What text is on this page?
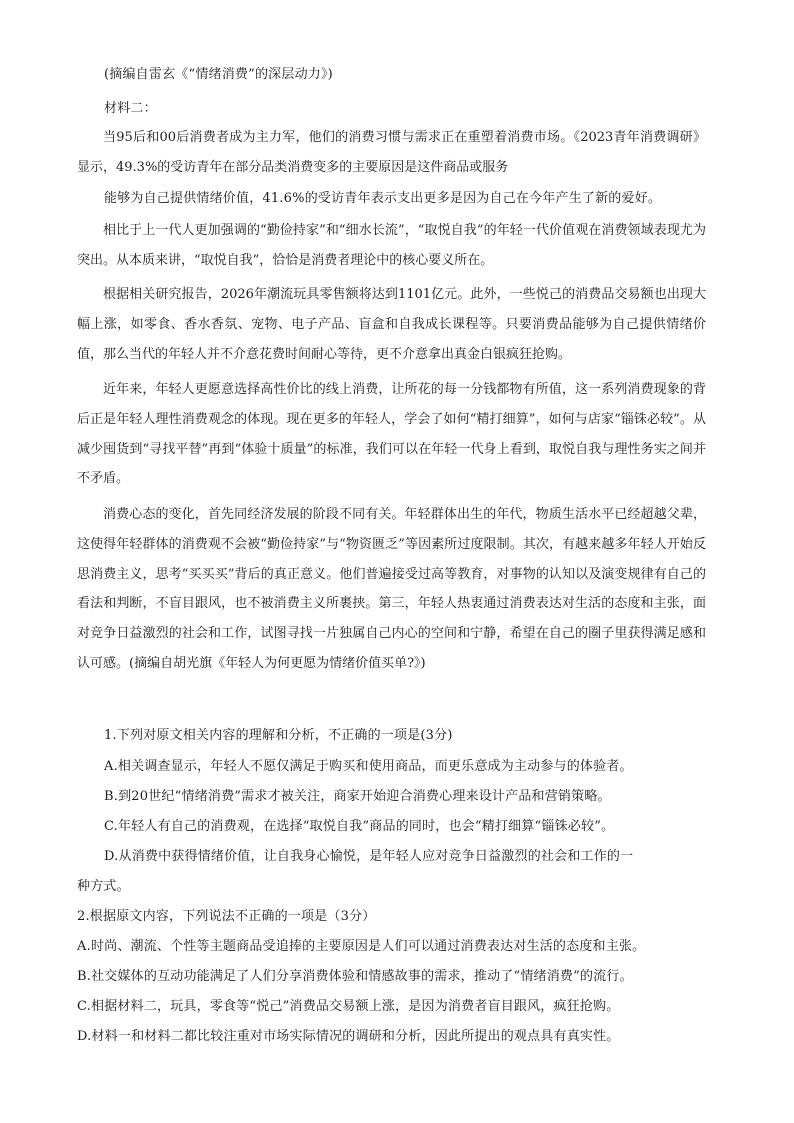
(摘编自雷玄《“情绪消费”的深层动力》)
材料二：
当95后和00后消费者成为主力军，他们的消费习惯与需求正在重塑着消费市场。《2023青年消费调研》显示，49.3%的受访青年在部分品类消费变多的主要原因是这件商品或服务
能够为自己提供情绪价值，41.6%的受访青年表示支出更多是因为自己在今年产生了新的爱好。
相比于上一代人更加强调的“勤俭持家”和“细水长流”，“取悦自我”的年轻一代价值观在消费领域表现尤为突出。从本质来讲，“取悦自我”，恰恰是消费者理论中的核心要义所在。
根据相关研究报告，2026年潮流玩具零售额将达到1101亿元。此外，一些悦己的消费品交易额也出现大幅上涨，如零食、香水香氛、宠物、电子产品、盲盒和自我成长课程等。只要消费品能够为自己提供情绪价值，那么当代的年轻人并不介意花费时间耐心等待，更不介意拿出真金白银疯狂抢购。
近年来，年轻人更愿意选择高性价比的线上消费，让所花的每一分钱都物有所值，这一系列消费现象的背后正是年轻人理性消费观念的体现。现在更多的年轻人，学会了如何“精打细算”，如何与店家“锱铢必较”。从减少囤货到“寻找平替”再到“体验十质量”的标准，我们可以在年轻一代身上看到，取悦自我与理性务实之间并不矛盾。
消费心态的变化，首先同经济发展的阶段不同有关。年轻群体出生的年代，物质生活水平已经超越父辈，这使得年轻群体的消费观不会被“勤俭持家”与“物资匮乏”等因素所过度限制。其次，有越来越多年轻人开始反思消费主义，思考“买买买”背后的真正意义。他们普遍接受过高等教育，对事物的认知以及演变规律有自己的看法和判断，不盲目跟风，也不被消费主义所裹挟。第三，年轻人热衷通过消费表达对生活的态度和主张，面对竞争日益激烈的社会和工作，试图寻找一片独属自己内心的空间和宁静，希望在自己的圈子里获得满足感和认可感。(摘编自胡光旗《年轻人为何更愿为情绪价值买单?》)
1.下列对原文相关内容的理解和分析，不正确的一项是(3分)
A.相关调查显示，年轻人不愿仅满足于购买和使用商品，而更乐意成为主动参与的体验者。
B.到20世纪“情绪消费”需求才被关注，商家开始迎合消费心理来设计产品和营销策略。
C.年轻人有自己的消费观，在选择“取悦自我”商品的同时，也会“精打细算“锱铢必较”。
D.从消费中获得情绪价值，让自我身心愉悦，是年轻人应对竞争日益激烈的社会和工作的一
种方式。
2.根据原文内容，下列说法不正确的一项是（3分）
A.时尚、潮流、个性等主题商品受追捧的主要原因是人们可以通过消费表达对生活的态度和主张。
B.社交媒体的互动功能满足了人们分享消费体验和情感故事的需求，推动了“情绪消费”的流行。
C.相据材料二，玩具，零食等“悦己”消费品交易额上涨，是因为消费者盲目跟风，疯狂抢购。
D.材料一和材料二都比较注重对市场实际情况的调研和分析，因此所提出的观点具有真实性。
